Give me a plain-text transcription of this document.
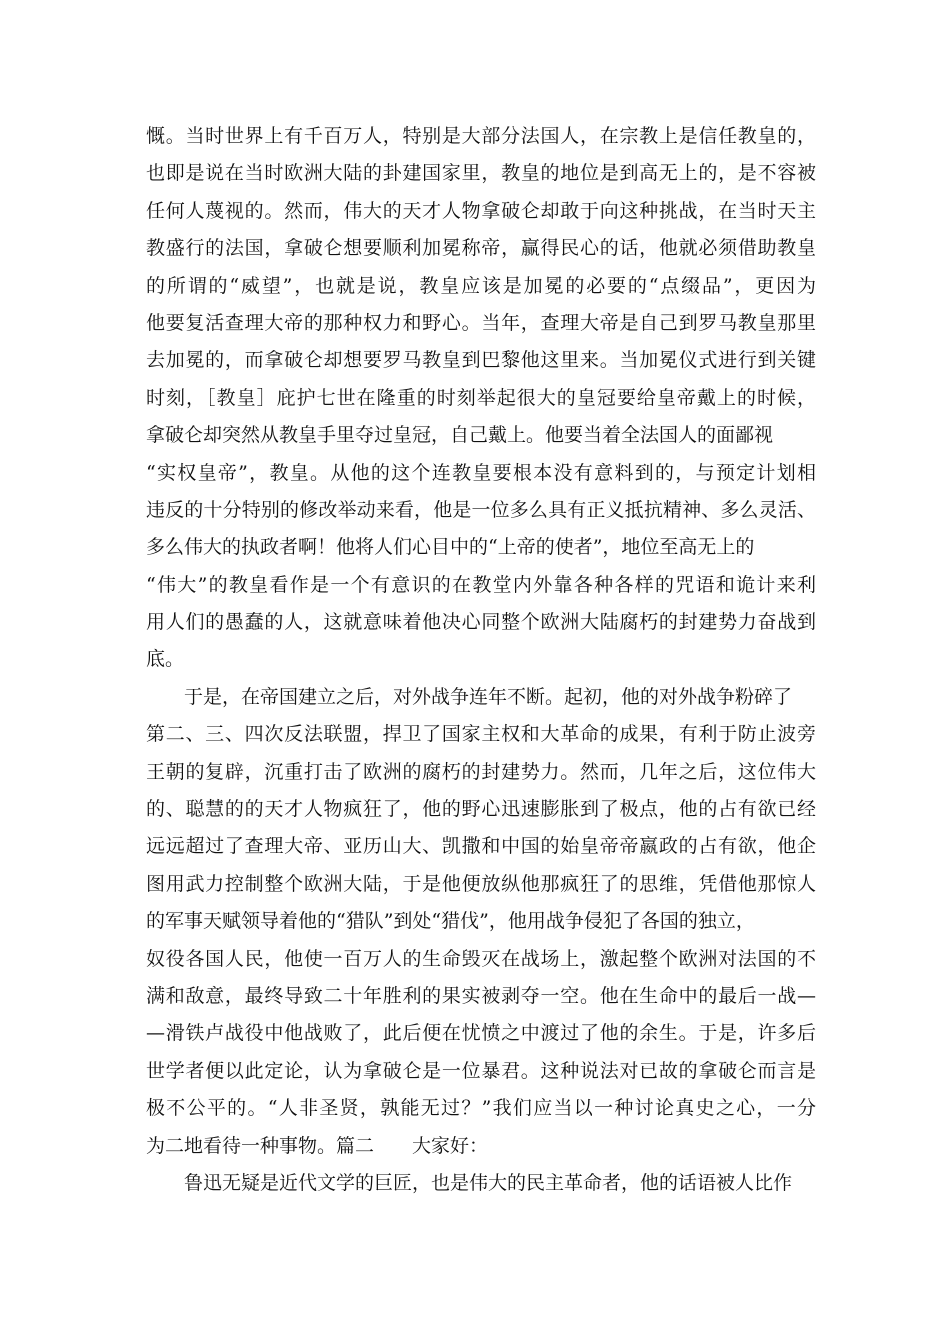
慨。当时世界上有千百万人，特别是大部分法国人，在宗教上是信任教皇的，
也即是说在当时欧洲大陆的卦建国家里，教皇的地位是到高无上的，是不容被
任何人蔑视的。然而，伟大的天才人物拿破仑却敢于向这种挑战，在当时天主
教盛行的法国，拿破仑想要顺利加冕称帝，赢得民心的话，他就必须借助教皇
的所谓的“威望”，也就是说，教皇应该是加冕的必要的“点缀品”，更因为
他要复活查理大帝的那种权力和野心。当年，查理大帝是自己到罗马教皇那里
去加冕的，而拿破仑却想要罗马教皇到巴黎他这里来。当加冕仪式进行到关键
时刻，［教皇］庇护七世在隆重的时刻举起很大的皇冠要给皇帝戴上的时候，
拿破仑却突然从教皇手里夺过皇冠，自己戴上。他要当着全法国人的面鄙视
“实权皇帝”，教皇。从他的这个连教皇要根本没有意料到的，与预定计划相
违反的十分特别的修改举动来看，他是一位多么具有正义抵抗精神、多么灵活、
多么伟大的执政者啊！他将人们心目中的“上帝的使者”，地位至高无上的
“伟大”的教皇看作是一个有意识的在教堂内外靠各种各样的咒语和诡计来利
用人们的愚蠢的人，这就意味着他决心同整个欧洲大陆腐朽的封建势力奋战到
底。
于是，在帝国建立之后，对外战争连年不断。起初，他的对外战争粉碎了
第二、三、四次反法联盟，捍卫了国家主权和大革命的成果，有利于防止波旁
王朝的复辟，沉重打击了欧洲的腐朽的封建势力。然而，几年之后，这位伟大
的、聪慧的的天才人物疯狂了，他的野心迅速膨胀到了极点，他的占有欲已经
远远超过了查理大帝、亚历山大、凯撒和中国的始皇帝帝嬴政的占有欲，他企
图用武力控制整个欧洲大陆，于是他便放纵他那疯狂了的思维，凭借他那惊人
的军事天赋领导着他的“猎队”到处“猎伐”，他用战争侵犯了各国的独立，
奴役各国人民，他使一百万人的生命毁灭在战场上，激起整个欧洲对法国的不
满和敌意，最终导致二十年胜利的果实被剥夺一空。他在生命中的最后一战—
—滑铁卢战役中他战败了，此后便在忧愤之中渡过了他的余生。于是，许多后
世学者便以此定论，认为拿破仑是一位暴君。这种说法对已故的拿破仑而言是
极不公平的。“人非圣贤，孰能无过？”我们应当以一种讨论真史之心，一分
为二地看待一种事物。篇二　　大家好：
鲁迅无疑是近代文学的巨匠，也是伟大的民主革命者，他的话语被人比作
